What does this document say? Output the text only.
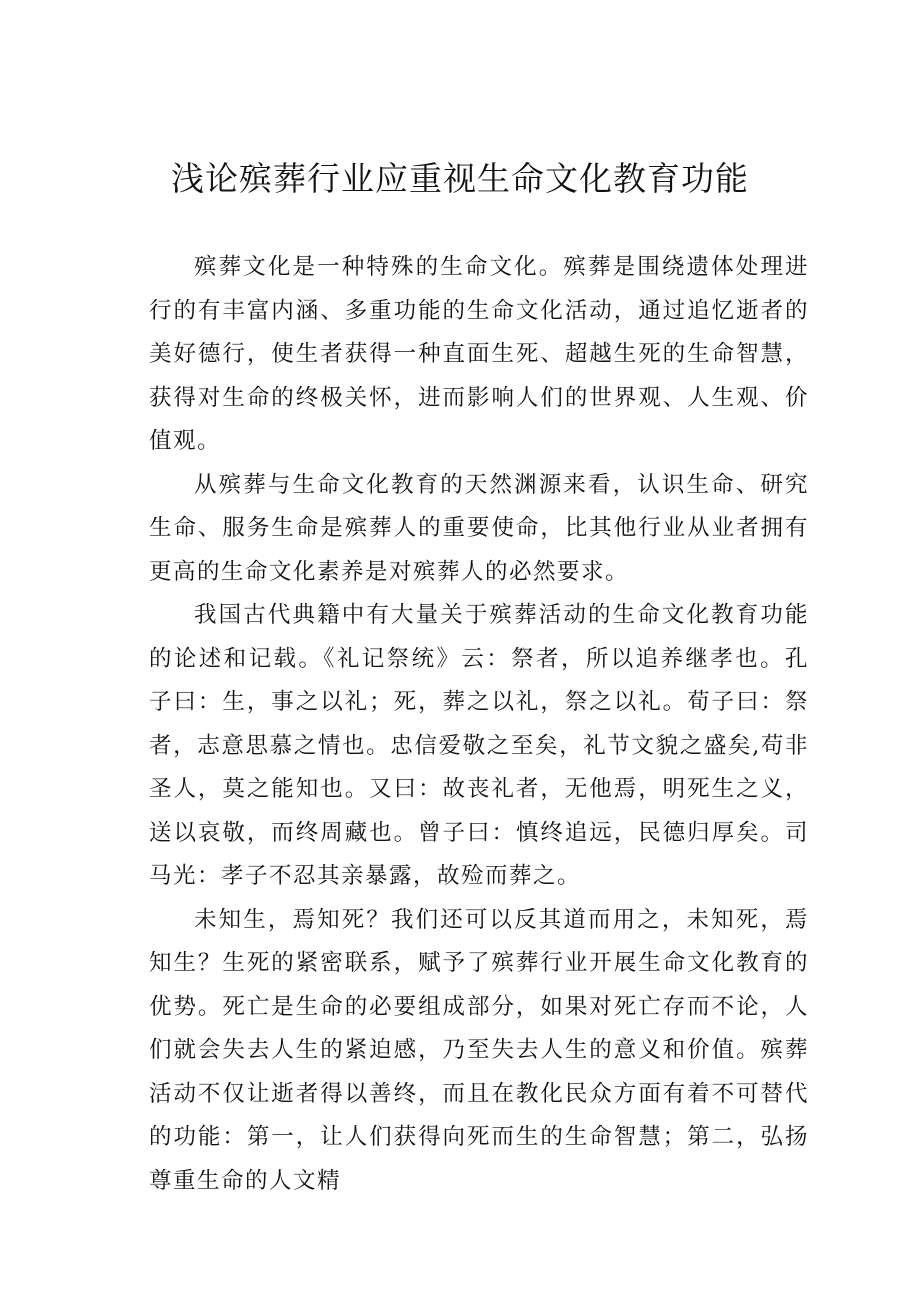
浅论殡葬行业应重视生命文化教育功能

殡葬文化是一种特殊的生命文化。殡葬是围绕遗体处理进行的有丰富内涵、多重功能的生命文化活动，通过追忆逝者的美好德行，使生者获得一种直面生死、超越生死的生命智慧，获得对生命的终极关怀，进而影响人们的世界观、人生观、价值观。

从殡葬与生命文化教育的天然渊源来看，认识生命、研究生命、服务生命是殡葬人的重要使命，比其他行业从业者拥有更高的生命文化素养是对殡葬人的必然要求。

我国古代典籍中有大量关于殡葬活动的生命文化教育功能的论述和记载。《礼记祭统》云：祭者，所以追养继孝也。孔子曰：生，事之以礼；死，葬之以礼，祭之以礼。荀子曰：祭者，志意思慕之情也。忠信爱敬之至矣，礼节文貌之盛矣,苟非圣人，莫之能知也。又曰：故丧礼者，无他焉，明死生之义，送以哀敬，而终周藏也。曾子曰：慎终追远，民德归厚矣。司马光：孝子不忍其亲暴露，故殓而葬之。

未知生，焉知死？我们还可以反其道而用之，未知死，焉知生？生死的紧密联系，赋予了殡葬行业开展生命文化教育的优势。死亡是生命的必要组成部分，如果对死亡存而不论，人们就会失去人生的紧迫感，乃至失去人生的意义和价值。殡葬活动不仅让逝者得以善终，而且在教化民众方面有着不可替代的功能：第一，让人们获得向死而生的生命智慧；第二，弘扬尊重生命的人文精
